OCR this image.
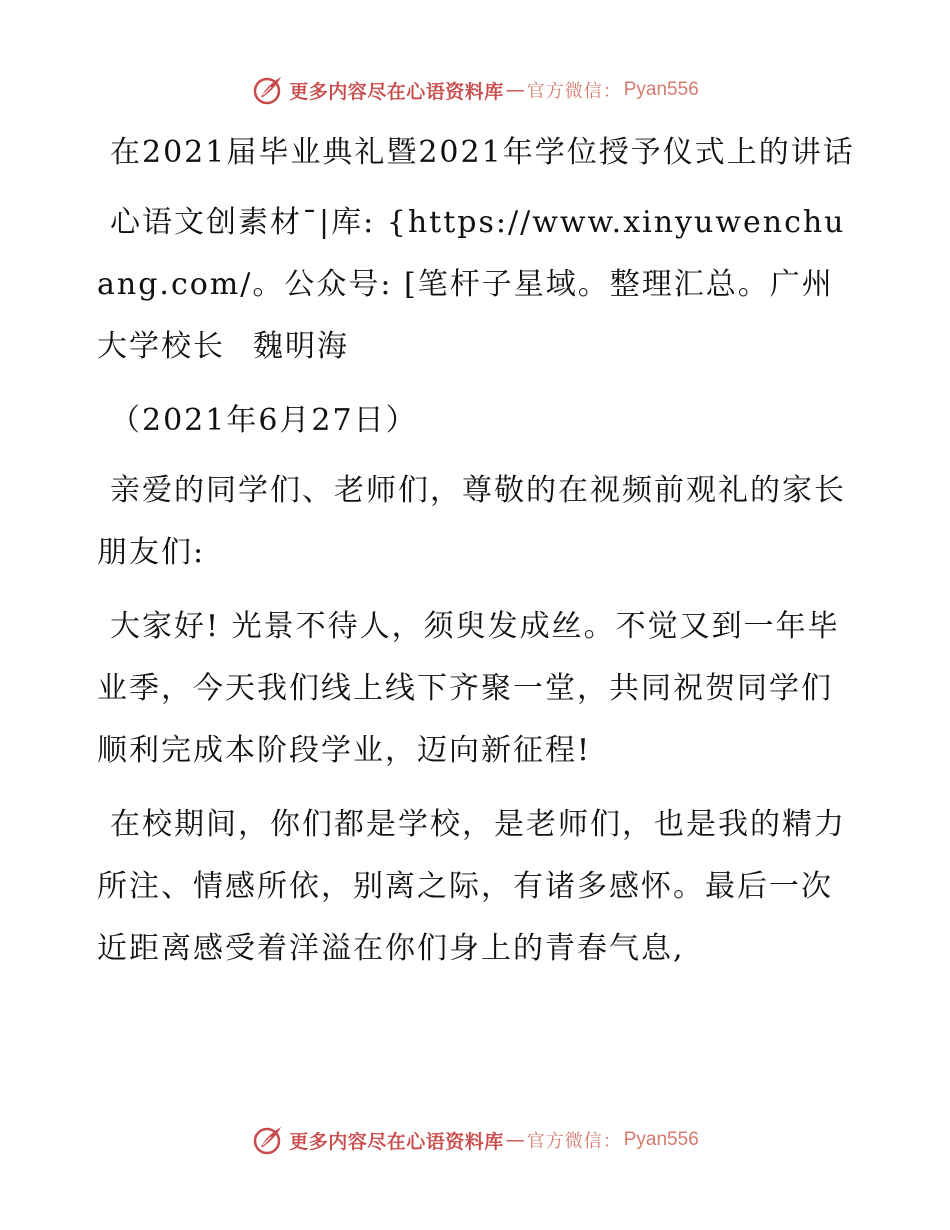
更多内容尽在心语资料库 — 官方微信： Pyan556

在2021届毕业典礼暨2021年学位授予仪式上的讲话

心语文创素材¯|库: {https://www.xinyuwenchuang.com/。公众号: [笔杆子星域。整理汇总。广州大学校长 魏明海

（2021年6月27日）

亲爱的同学们、老师们，尊敬的在视频前观礼的家长朋友们:

大家好! 光景不待人，须臾发成丝。不觉又到一年毕业季，今天我们线上线下齐聚一堂，共同祝贺同学们顺利完成本阶段学业，迈向新征程!

在校期间，你们都是学校，是老师们，也是我的精力所注、情感所依，别离之际，有诸多感怀。最后一次近距离感受着洋溢在你们身上的青春气息,

更多内容尽在心语资料库 — 官方微信： Pyan556
